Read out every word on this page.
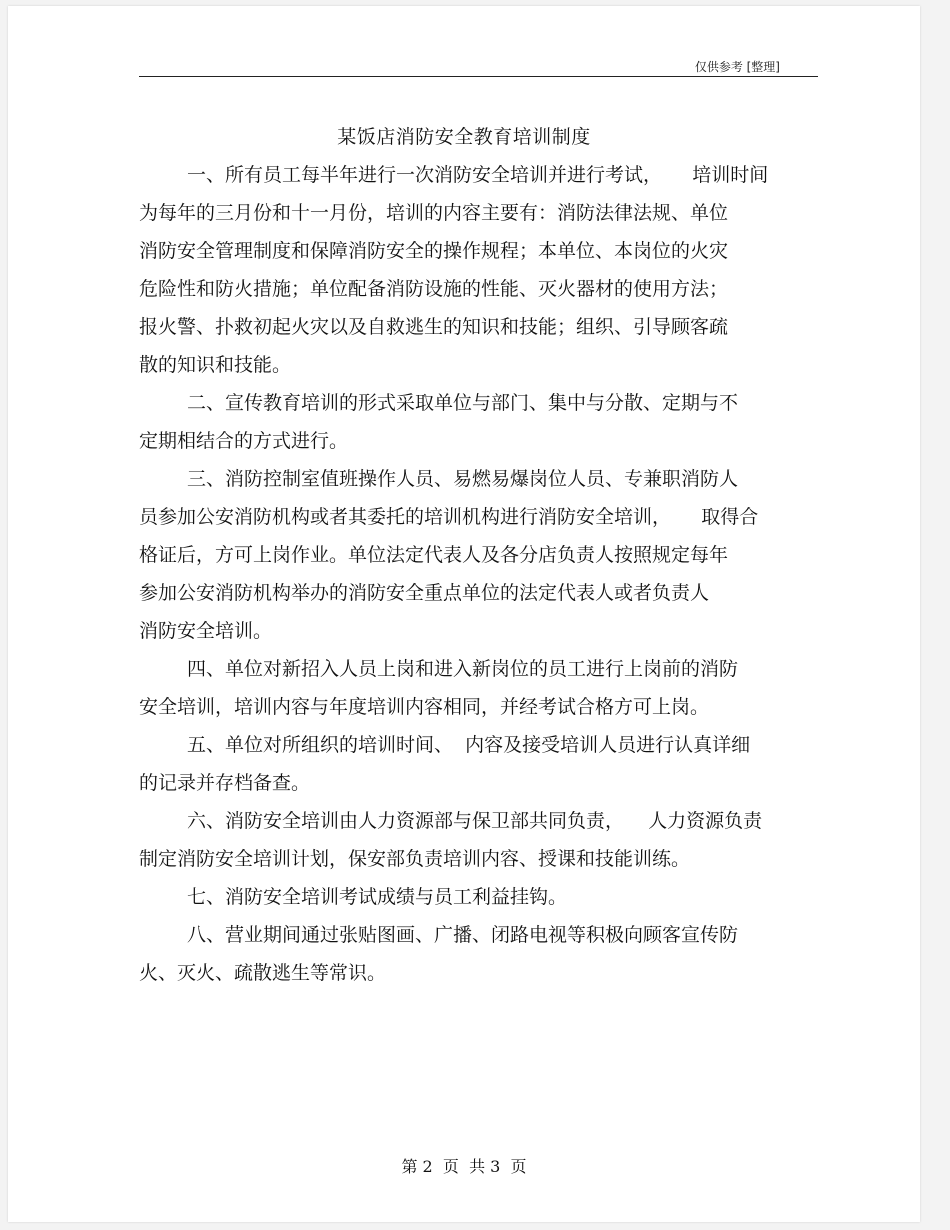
仅供参考 [整理]
某饭店消防安全教育培训制度
一、所有员工每半年进行一次消防安全培训并进行考试，     培训时间
为每年的三月份和十一月份，培训的内容主要有：消防法律法规、单位
消防安全管理制度和保障消防安全的操作规程；本单位、本岗位的火灾
危险性和防火措施；单位配备消防设施的性能、灭火器材的使用方法；
报火警、扑救初起火灾以及自救逃生的知识和技能；组织、引导顾客疏
散的知识和技能。
二、宣传教育培训的形式采取单位与部门、集中与分散、定期与不
定期相结合的方式进行。
三、消防控制室值班操作人员、易燃易爆岗位人员、专兼职消防人
员参加公安消防机构或者其委托的培训机构进行消防安全培训，     取得合
格证后，方可上岗作业。单位法定代表人及各分店负责人按照规定每年
参加公安消防机构举办的消防安全重点单位的法定代表人或者负责人
消防安全培训。
四、单位对新招入人员上岗和进入新岗位的员工进行上岗前的消防
安全培训，培训内容与年度培训内容相同，并经考试合格方可上岗。
五、单位对所组织的培训时间、  内容及接受培训人员进行认真详细
的记录并存档备查。
六、消防安全培训由人力资源部与保卫部共同负责，    人力资源负责
制定消防安全培训计划，保安部负责培训内容、授课和技能训练。
七、消防安全培训考试成绩与员工利益挂钩。
八、营业期间通过张贴图画、广播、闭路电视等积极向顾客宣传防
火、灭火、疏散逃生等常识。
第 2  页  共 3  页
